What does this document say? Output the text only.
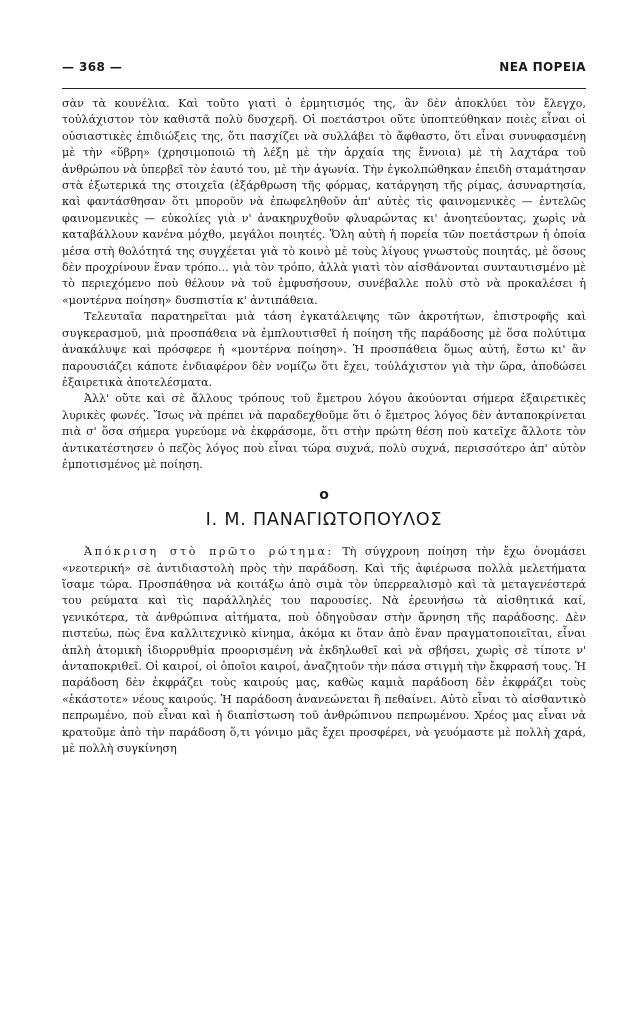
— 368 —	ΝΕΑ ΠΟΡΕΙΑ

σὰν τὰ κουνέλια. Καὶ τοῦτο γιατὶ ὁ ἑρμητισμός της, ἂν δὲν ἀποκλύει τὸν ἔλεγχο, τοὐλάχιστον τὸν καθιστᾶ πολὺ δυσχερῆ. Οἱ ποετάστροι οὔτε ὑποπτεύθηκαν ποιὲς εἶναι οἱ οὐσιαστικὲς ἐπιδιώξεις της, ὅτι πασχίζει νὰ συλλάβει τὸ ἄφθαστο, ὅτι εἶναι συνυφασμένη μὲ τὴν «ὕβρη» (χρησιμοποιῶ τὴ λέξη μὲ τὴν ἀρχαία της ἔννοια) μὲ τὴ λαχτάρα τοῦ ἀνθρώπου νὰ ὑπερβεῖ τὸν ἑαυτό του, μὲ τὴν ἀγωνία. Τὴν ἐγκολπώθηκαν ἐπειδὴ σταμάτησαν στὰ ἐξωτερικά της στοιχεῖα (ἐξάρθρωση τῆς φόρμας, κατάργηση τῆς ρίμας, ἀσυναρτησία, καὶ φαντάσθησαν ὅτι μποροῦν νὰ ἐπωφεληθοῦν ἀπ' αὐτὲς τὶς φαινομενικὲς — ἐντελῶς φαινομενικὲς — εὐκολίες γιὰ ν' ἀνακηρυχθοῦν φλυαρώντας κι' ἀνοητεύοντας, χωρὶς νὰ καταβάλλουν κανένα μόχθο, μεγάλοι ποιητές. Ὅλη αὐτὴ ἡ πορεία τῶν ποετάστρων ἡ ὁποία μέσα στὴ θολότητά της συγχέεται γιὰ τὸ κοινὸ μὲ τοὺς λίγους γνωστοὺς ποιητάς, μὲ ὅσους δὲν προχρίνουν ἕναν τρόπο... γιὰ τὸν τρόπο, ἀλλὰ γιατὶ τὸν αἰσθάνονται συνταυτισμένο μὲ τὸ περιεχόμενο ποὺ θέλουν νὰ τοῦ ἐμφυσήσουν, συνέβαλλε πολὺ στὸ νὰ προκαλέσει ἡ «μοντέρνα ποίηση» δυσπιστία κ' ἀντιπάθεια.

Τελευταῖα παρατηρεῖται μιὰ τάση ἐγκατάλειψης τῶν ἀκροτήτων, ἐπιστροφῆς καὶ συγκερασμοῦ, μιὰ προσπάθεια νὰ ἐμπλουτισθεῖ ἡ ποίηση τῆς παράδοσης μὲ ὅσα πολύτιμα ἀνακάλυψε καὶ πρόσφερε ἡ «μοντέρνα ποίηση». Ἡ προσπάθεια ὅμως αὐτή, ἔστω κι' ἂν παρουσιάζει κάποτε ἐνδιαφέρον δὲν νομίζω ὅτι ἔχει, τοὐλάχιστον γιὰ τὴν ὥρα, ἀποδώσει ἐξαιρετικὰ ἀποτελέσματα.

Ἀλλ' οὔτε καὶ σὲ ἄλλους τρόπους τοῦ ἔμετρου λόγου ἀκούονται σήμερα ἐξαιρετικὲς λυρικὲς φωνές. Ἴσως νὰ πρέπει νὰ παραδεχθοῦμε ὅτι ὁ ἔμετρος λόγος δὲν ἀνταποκρίνεται πιὰ σ' ὅσα σήμερα γυρεύομε νὰ ἐκφράσομε, ὅτι στὴν πρώτη θέση ποὺ κατεῖχε ἄλλοτε τὸν ἀντικατέστησεν ὁ πεζὸς λόγος ποὺ εἶναι τώρα συχνά, πολὺ συχνά, περισσότερο ἀπ' αὐτὸν ἐμποτισμένος μὲ ποίηση.

ο
Ι. Μ. ΠΑΝΑΓΙΩΤΟΠΟΥΛΟΣ

Ἀπόκριση στὸ πρῶτο ρώτημα: Τὴ σύγχρονη ποίηση τὴν ἔχω ὀνομάσει «νεοτερική» σὲ ἀντιδιαστολὴ πρὸς τὴν παράδοση. Καὶ τῆς ἀφιέρωσα πολλὰ μελετήματα ἴσαμε τώρα. Προσπάθησα νὰ κοιτάξω ἀπὸ σιμὰ τὸν ὑπερρεαλισμὸ καὶ τὰ μεταγενέστερά του ρεύματα καὶ τὶς παράλληλές του παρουσίες. Νὰ ἐρευνήσω τὰ αἰσθητικά καί, γενικότερα, τὰ ἀνθρώπινα αἰτήματα, ποὺ ὁδηγοῦσαν στὴν ἄρνηση τῆς παράδοσης. Δὲν πιστεύω, πὼς ἕνα καλλιτεχνικὸ κίνημα, ἀκόμα κι ὅταν ἀπὸ ἕναν πραγματοποιεῖται, εἶναι ἁπλὴ ἀτομικὴ ἰδιορρυθμία προορισμένη νὰ ἐκδηλωθεῖ καὶ νὰ σβήσει, χωρὶς σὲ τίποτε ν' ἀνταποκριθεῖ. Οἱ καιροί, οἱ ὁποῖοι καιροί, ἀναζητοῦν τὴν πάσα στιγμὴ τὴν ἔκφρασή τους. Ἡ παράδοση δὲν ἐκφράζει τοὺς καιρούς μας, καθὼς καμιὰ παράδοση δὲν ἐκφράζει τοὺς «ἑκάστοτε» νέους καιρούς. Ἡ παράδοση ἀνανεώνεται ἢ πεθαίνει. Αὐτὸ εἶναι τὸ αἰσθαντικὸ πεπρωμένο, ποὺ εἶναι καὶ ἡ διαπίστωση τοῦ ἀνθρώπινου πεπρωμένου. Χρέος μας εἶναι νὰ κρατοῦμε ἀπὸ τὴν παράδοση ὅ,τι γόνιμο μᾶς ἔχει προσφέρει, νὰ γευόμαστε μὲ πολλὴ χαρά, μὲ πολλὴ συγκίνηση
